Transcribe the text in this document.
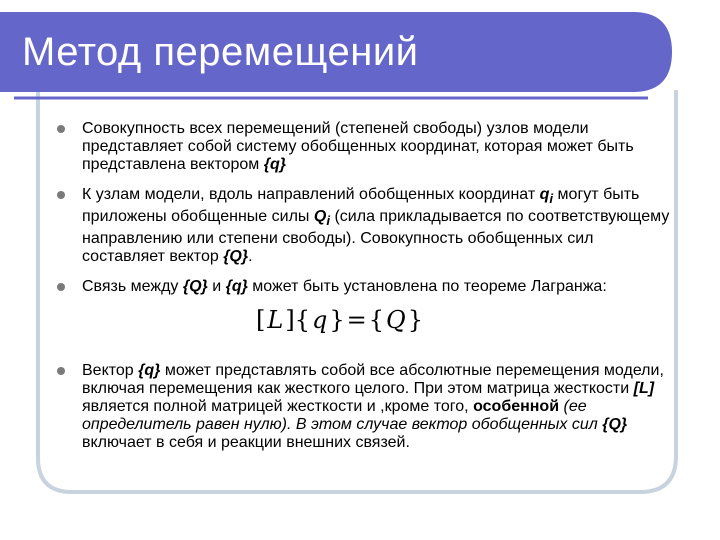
Метод перемещений
Совокупность всех перемещений (степеней свободы) узлов модели представляет собой систему обобщенных координат, которая может быть представлена вектором {q}
К узлам модели, вдоль направлений обобщенных координат $q_i$ могут быть приложены обобщенные силы $Q_i$ (сила прикладывается по соответствующему направлению или степени свободы). Совокупность обобщенных сил составляет вектор {Q}.
Связь между {Q} и {q} может быть установлена по теореме Лагранжа:
Вектор {q} может представлять собой все абсолютные перемещения модели, включая перемещения как жесткого целого. При этом матрица жесткости [L] является полной матрицей жесткости и ,кроме того, особенной (ее определитель равен нулю). В этом случае вектор обобщенных сил {Q} включает в себя и реакции внешних связей.
[L]{q}={Q}
